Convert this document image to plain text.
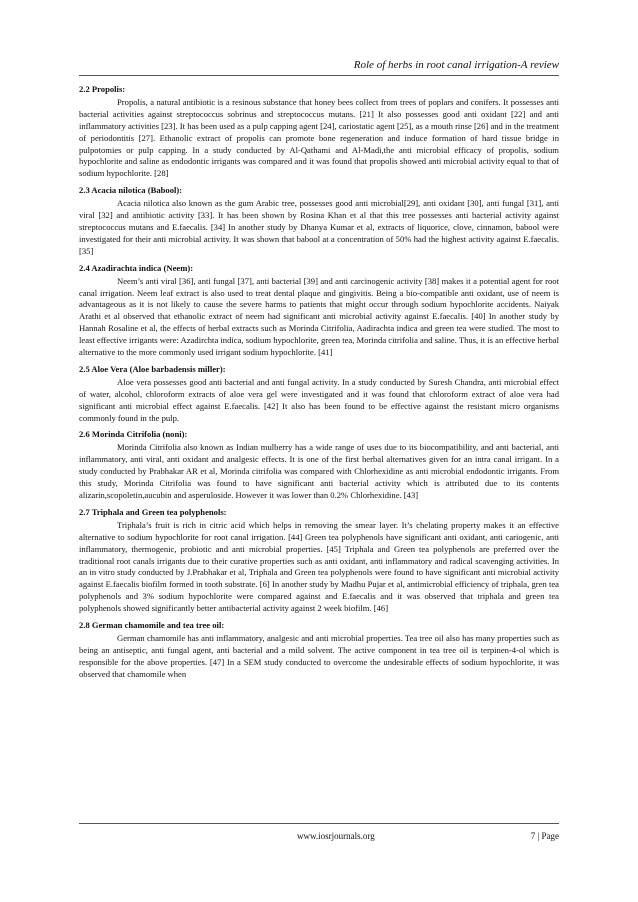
Role of herbs in root canal irrigation-A review

2.2 Propolis:

Propolis, a natural antibiotic is a resinous substance that honey bees collect from trees of poplars and conifers. It possesses anti bacterial activities against streptococcus sobrinus and streptococcus mutans. [21] It also possesses good anti oxidant [22] and anti inflammatory activities [23]. It has been used as a pulp capping agent [24], cariostatic agent [25], as a mouth rinse [26] and in the treatment of periodontitis [27]. Ethanolic extract of propolis can promote bone regeneration and induce formation of hard tissue bridge in pulpotomies or pulp capping. In a study conducted by Al-Qathami and Al-Madi,the anti microbial efficacy of propolis, sodium hypochlorite and saline as endodontic irrigants was compared and it was found that propolis showed anti microbial activity equal to that of sodium hypochlorite. [28]

2.3 Acacia nilotica (Babool):

Acacia nilotica also known as the gum Arabic tree, possesses good anti microbial[29], anti oxidant [30], anti fungal [31], anti viral [32] and antibiotic activity [33]. It has been shown by Rosina Khan et al that this tree possesses anti bacterial activity against streptococcus mutans and E.faecalis. [34] In another study by Dhanya Kumar et al, extracts of liquorice, clove, cinnamon, babool were investigated for their anti microbial activity. It was shown that babool at a concentration of 50% had the highest activity against E.faecalis. [35]

2.4 Azadirachta indica (Neem):

Neem’s anti viral [36], anti fungal [37], anti bacterial [39] and anti carcinogenic activity [38] makes it a potential agent for root canal irrigation. Neem leaf extract is also used to treat dental plaque and gingivitis. Being a bio-compatible anti oxidant, use of neem is advantageous as it is not likely to cause the severe harms to patients that might occur through sodium hypochlorite accidents. Naiyak Arathi et al observed that ethanolic extract of neem had significant anti microbial activity against E.faecalis. [40] In another study by Hannah Rosaline et al, the effects of herbal extracts such as Morinda Citrifolia, Aadirachta indica and green tea were studied. The most to least effective irrigants were: Azadirchta indica, sodium hypochlorite, green tea, Morinda citrifolia and saline. Thus, it is an effective herbal alternative to the more commonly used irrigant sodium hypochlorite. [41]

2.5 Aloe Vera (Aloe barbadensis miller):

Aloe vera possesses good anti bacterial and anti fungal activity. In a study conducted by Suresh Chandra, anti microbial effect of water, alcohol, chloroform extracts of aloe vera gel were investigated and it was found that chloroform extract of aloe vera had significant anti microbial effect against E.faecalis. [42] It also has been found to be effective against the resistant micro organisms commonly found in the pulp.

2.6 Morinda Citrifolia (noni):

Morinda Citrifolia also known as Indian mulberry has a wide range of uses due to its biocompatibility, and anti bacterial, anti inflammatory, anti viral, anti oxidant and analgesic effects. It is one of the first herbal alternatives given for an intra canal irrigant. In a study conducted by Prabhakar AR et al, Morinda citrifolia was compared with Chlorhexidine as anti microbial endodontic irrigants. From this study, Morinda Citrifolia was found to have significant anti bacterial activity which is attributed due to its contents alizarin,scopoletin,aucubin and asperuloside. However it was lower than 0.2% Chlorhexidine. [43]

2.7 Triphala and Green tea polyphenols:

Triphala’s fruit is rich in citric acid which helps in removing the smear layer. It’s chelating property makes it an effective alternative to sodium hypochlorite for root canal irrigation. [44] Green tea polyphenols have significant anti oxidant, anti cariogenic, anti inflammatory, thermogenic, probiotic and anti microbial properties. [45] Triphala and Green tea polyphenols are preferred over the traditional root canals irrigants due to their curative properties such as anti oxidant, anti inflammatory and radical scavenging activities. In an in vitro study conducted by J.Prabhakar et al, Triphala and Green tea polyphenols were found to have significant anti microbial activity against E.faecalis biofilm formed in tooth substrate. [6] In another study by Madhu Pujar et al, antimicrobial efficiency of triphala, gren tea polyphenols and 3% sodium hypochlorite were compared against and E.faecalis and it was observed that triphala and green tea polyphenols showed significantly better antibacterial activity against 2 week biofilm. [46]

2.8 German chamomile and tea tree oil:

German chamomile has anti inflammatory, analgesic and anti microbial properties. Tea tree oil also has many properties such as being an antiseptic, anti fungal agent, anti bacterial and a mild solvent. The active component in tea tree oil is terpinen-4-ol which is responsible for the above properties. [47] In a SEM study conducted to overcome the undesirable effects of sodium hypochlorite, it was observed that chamomile when

www.iosrjournals.org	7 | Page
